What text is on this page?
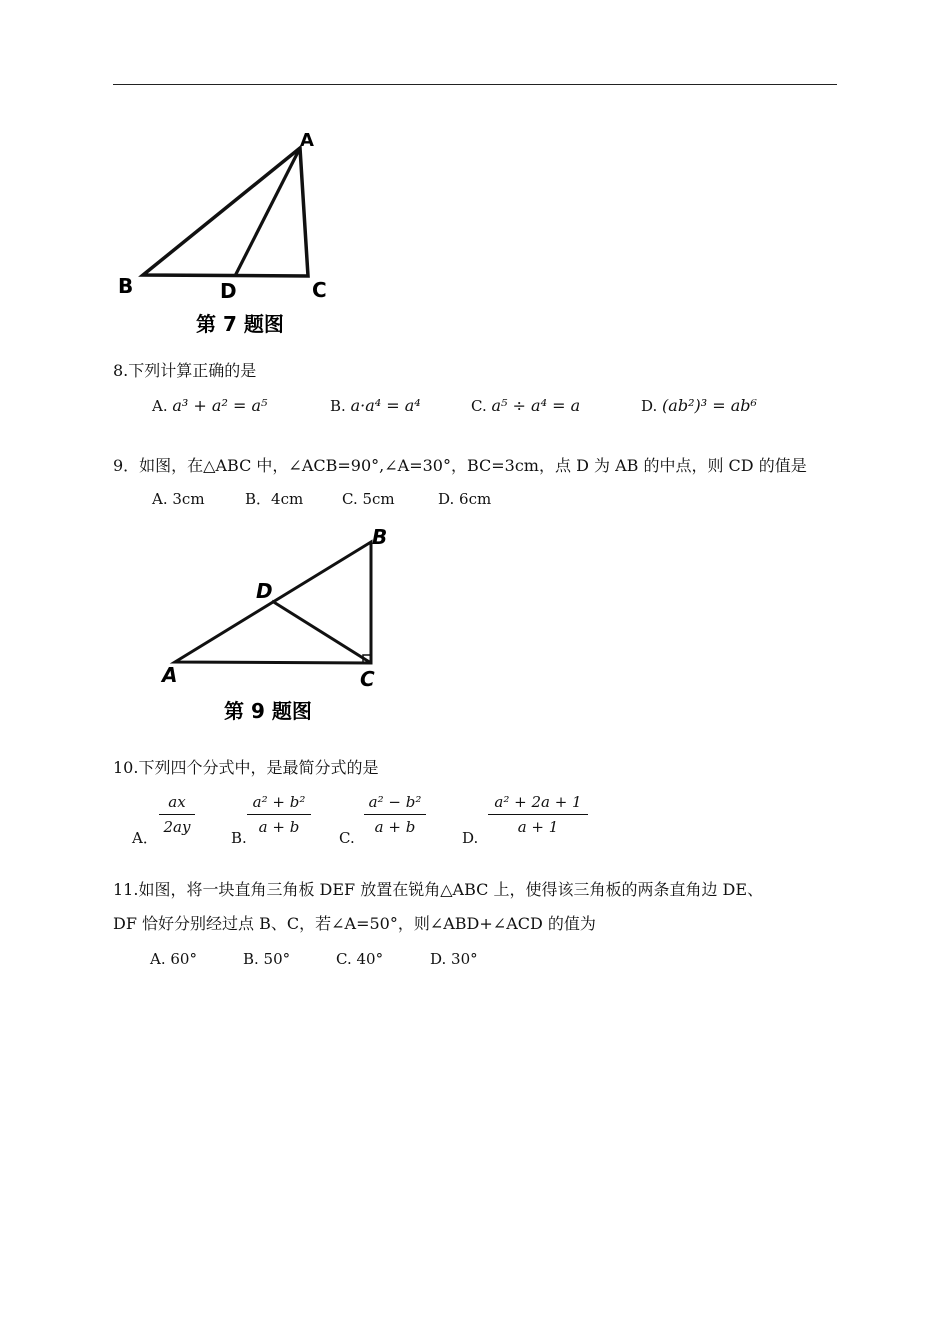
A
B	D	C
第 7 题图
8.下列计算正确的是
A. a³ + a² = a⁵	B. a·a⁴ = a⁴	C. a⁵ ÷ a⁴ = a	D. (ab²)³ = ab⁶
9．如图，在△ABC 中，∠ACB=90°,∠A=30°，BC=3cm，点 D 为 AB 的中点，则 CD 的值是
A. 3cm	B．4cm	C. 5cm	D. 6cm
A
B
C
D
第 9 题图
10.下列四个分式中，是最简分式的是
A．
ax
2ay
B.
a² + b²
a + b
C.
a² − b²
a + b
D.
a² + 2a + 1
a + 1
11.如图，将一块直角三角板 DEF 放置在锐角△ABC 上，使得该三角板的两条直角边 DE、
DF 恰好分别经过点 B、C，若∠A=50°，则∠ABD+∠ACD 的值为
A. 60°	B. 50°	C. 40°	D. 30°
